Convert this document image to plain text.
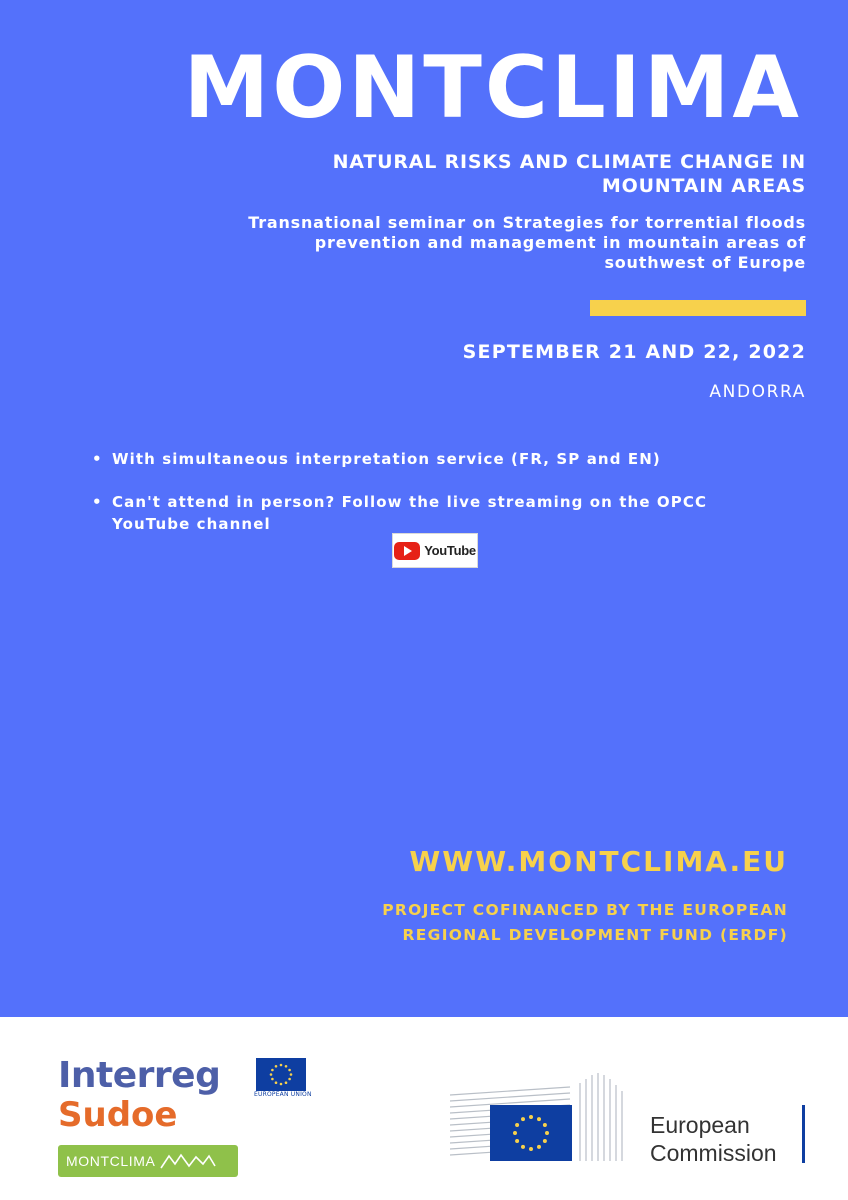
MONTCLIMA
NATURAL RISKS AND CLIMATE CHANGE IN MOUNTAIN AREAS
Transnational seminar on Strategies for torrential floods prevention and management in mountain areas of southwest of Europe
SEPTEMBER 21 AND 22, 2022
ANDORRA
• With simultaneous interpretation service (FR, SP and EN)
• Can't attend in person? Follow the live streaming on the OPCC YouTube channel
YouTube
WWW.MONTCLIMA.EU
PROJECT COFINANCED BY THE EUROPEAN REGIONAL DEVELOPMENT FUND (ERDF)
Interreg	EUROPEAN UNION
Sudoe
MONTCLIMA
European
Commission
